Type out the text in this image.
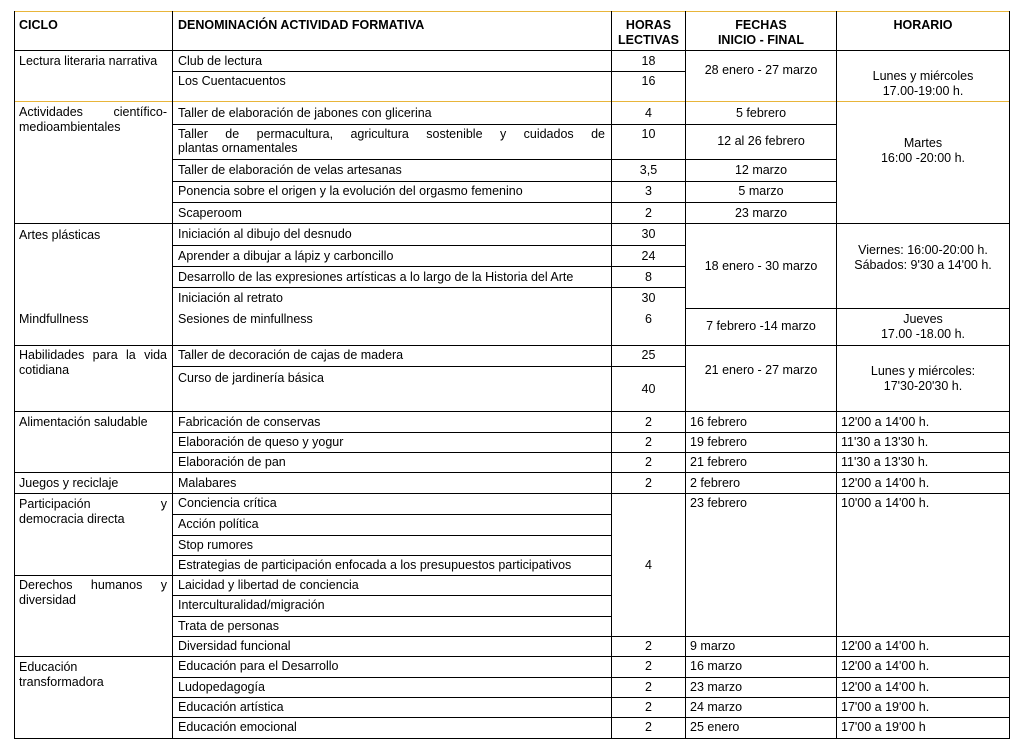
CICLO	DENOMINACIÓN ACTIVIDAD FORMATIVA	HORAS
LECTIVAS
FECHAS
INICIO - FINAL
HORARIO
Lectura literaria narrativa
Actividades científico-
medioambientales
Artes plásticas
Mindfullness
Habilidades para la vida
cotidiana
Alimentación saludable
Juegos y reciclaje
Participación y
democracia directa
Derechos humanos y
diversidad
Educación
transformadora
Club de lectura
Los Cuentacuentos
Taller de elaboración de jabones con glicerina
Taller de permacultura, agricultura sostenible y cuidados de
plantas ornamentales
Taller de elaboración de velas artesanas
Ponencia sobre el origen y la evolución del orgasmo femenino
Scaperoom
Iniciación al dibujo del desnudo
Aprender a dibujar a lápiz y carboncillo
Desarrollo de las expresiones artísticas a lo largo de la Historia del Arte
Iniciación al retrato
Sesiones de minfullness
Taller de decoración de cajas de madera
Curso de jardinería básica
Fabricación de conservas
Elaboración de queso y yogur
Elaboración de pan
Malabares
Conciencia crítica
Acción política
Stop rumores
Estrategias de participación enfocada a los presupuestos participativos
Laicidad y libertad de conciencia
Interculturalidad/migración
Trata de personas
Diversidad funcional
Educación para el Desarrollo
Ludopedagogía
Educación artística
Educación emocional
18
16
4
10
3,5
3
2
30
24
8
30
6
25
40
2
2
2
2
4
2
2
2
2
2
28 enero - 27 marzo
5 febrero
12 al 26 febrero
12 marzo
5 marzo
23 marzo
18 enero - 30 marzo
7 febrero -14 marzo
21 enero - 27 marzo
16 febrero
19 febrero
21 febrero
2 febrero
23 febrero
9 marzo
16 marzo
23 marzo
24 marzo
25 enero
Lunes y miércoles
17.00-19:00 h.
Martes
16:00 -20:00 h.
Viernes: 16:00-20:00 h.
Sábados: 9'30 a 14'00 h.
Jueves
17.00 -18.00 h.
Lunes y miércoles:
17'30-20'30 h.
12'00 a 14'00 h.
11'30 a 13'30 h.
11'30 a 13'30 h.
12'00 a 14'00 h.
10'00 a 14'00 h.
12'00 a 14'00 h.
12'00 a 14'00 h.
12'00 a 14'00 h.
17'00 a 19'00 h.
17'00 a 19'00 h
